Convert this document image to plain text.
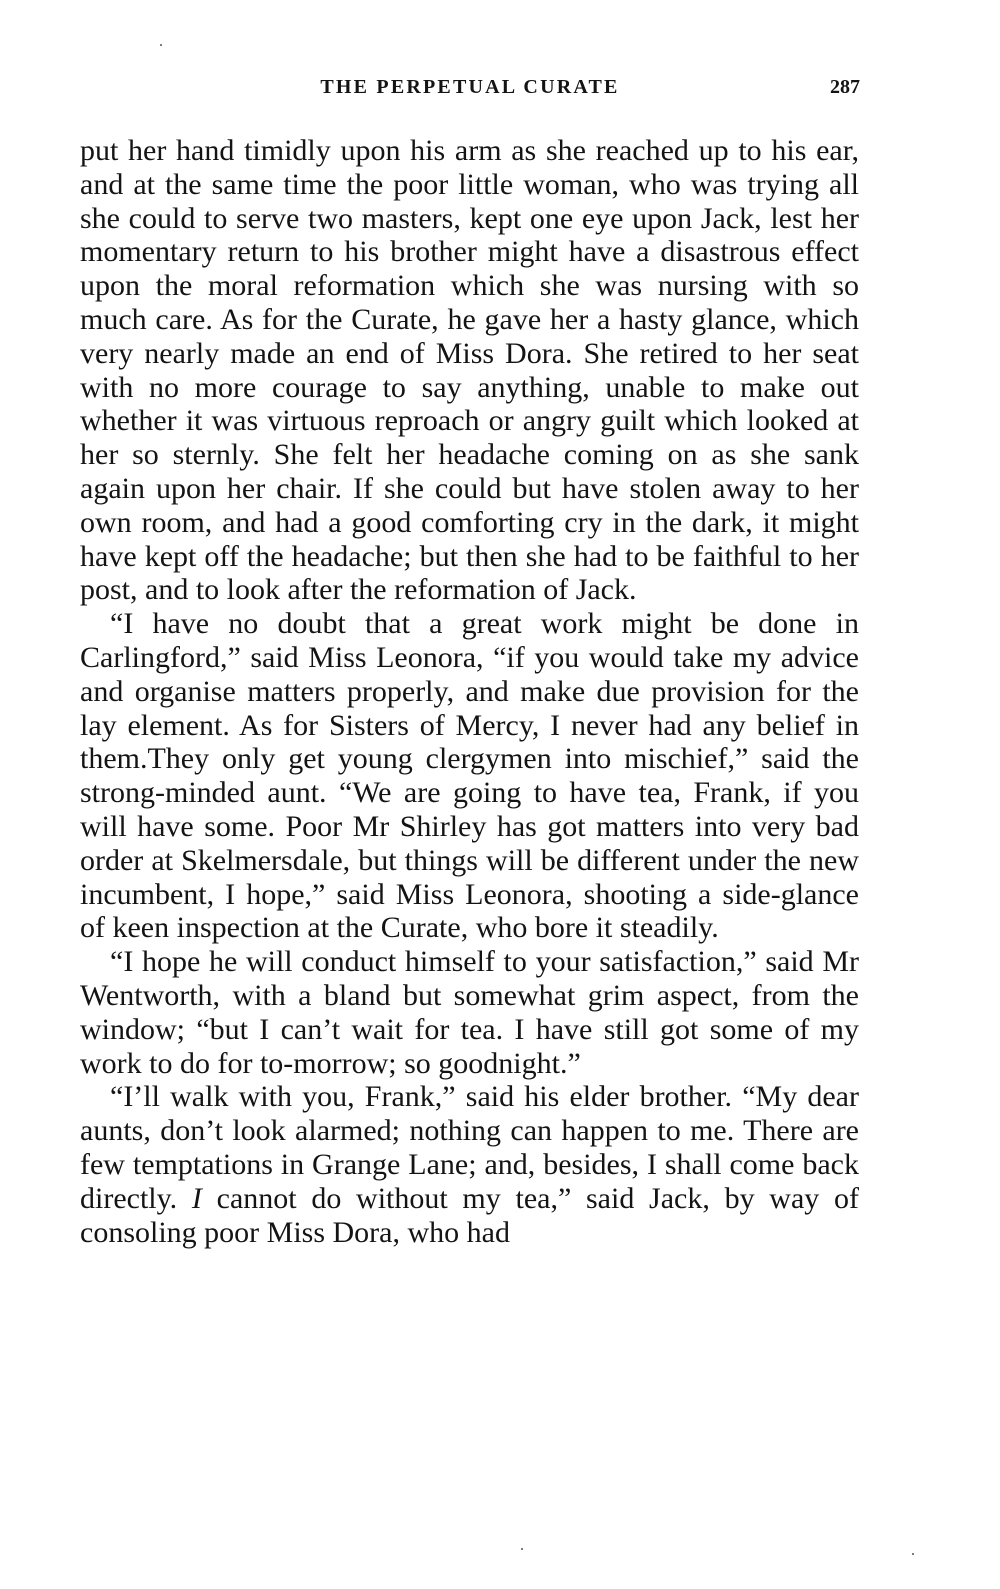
THE PERPETUAL CURATE	287

put her hand timidly upon his arm as she reached up to his ear, and at the same time the poor little woman, who was trying all she could to serve two masters, kept one eye upon Jack, lest her momentary return to his brother might have a disastrous effect upon the moral reformation which she was nursing with so much care. As for the Curate, he gave her a hasty glance, which very nearly made an end of Miss Dora. She retired to her seat with no more courage to say anything, unable to make out whether it was virtuous reproach or angry guilt which looked at her so sternly. She felt her headache coming on as she sank again upon her chair. If she could but have stolen away to her own room, and had a good comforting cry in the dark, it might have kept off the headache; but then she had to be faithful to her post, and to look after the reformation of Jack.

“I have no doubt that a great work might be done in Carlingford,” said Miss Leonora, “if you would take my advice and organise matters properly, and make due provision for the lay element. As for Sisters of Mercy, I never had any belief in them.They only get young clergymen into mischief,” said the strong-minded aunt. “We are going to have tea, Frank, if you will have some. Poor Mr Shirley has got matters into very bad order at Skelmersdale, but things will be different under the new incumbent, I hope,” said Miss Leonora, shooting a side-glance of keen inspection at the Curate, who bore it steadily.

“I hope he will conduct himself to your satisfaction,” said Mr Wentworth, with a bland but somewhat grim aspect, from the window; “but I can’t wait for tea. I have still got some of my work to do for to-morrow; so goodnight.”

“I’ll walk with you, Frank,” said his elder brother. “My dear aunts, don’t look alarmed; nothing can happen to me. There are few temptations in Grange Lane; and, besides, I shall come back directly. I cannot do without my tea,” said Jack, by way of consoling poor Miss Dora, who had
